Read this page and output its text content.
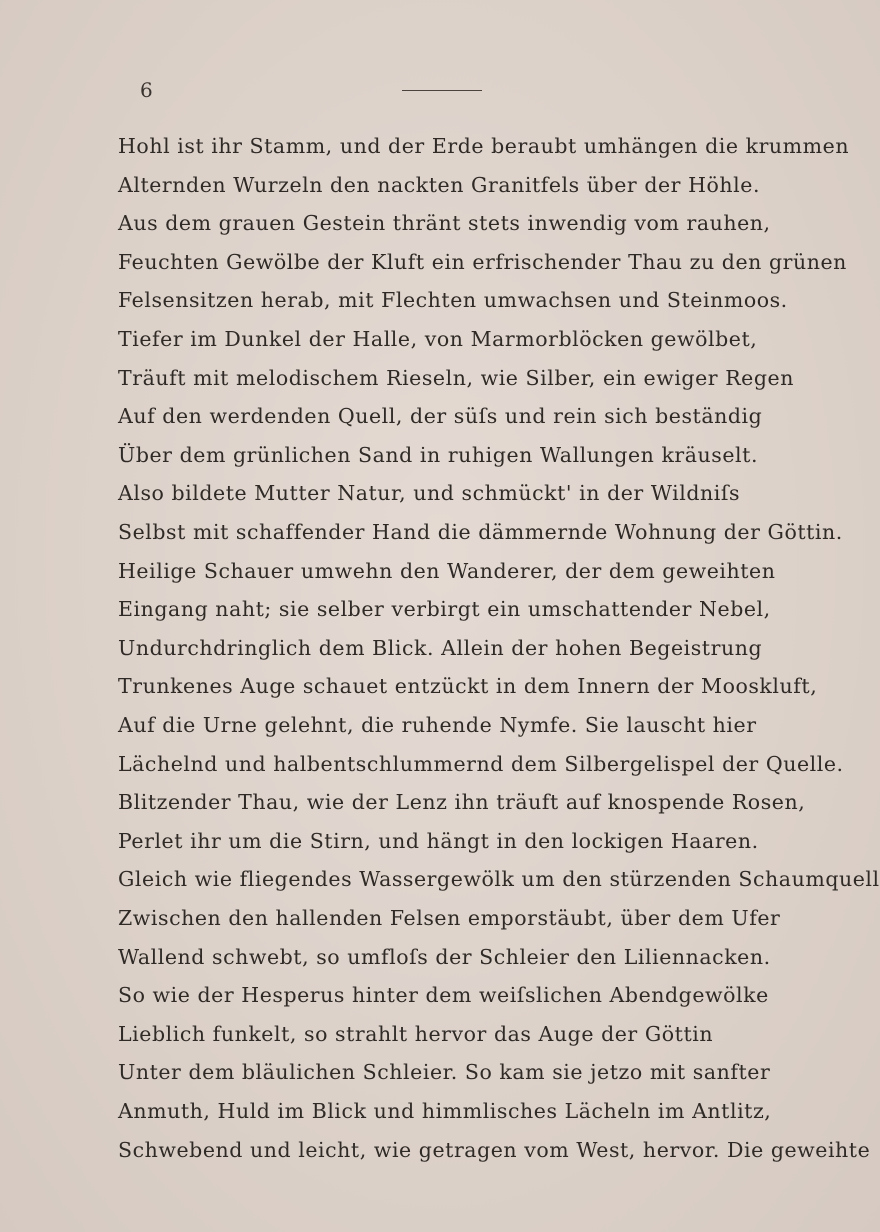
6
Hohl ist ihr Stamm, und der Erde beraubt umhängen die krummen
Alternden Wurzeln den nackten Granitfels über der Höhle.
Aus dem grauen Gestein thränt stets inwendig vom rauhen,
Feuchten Gewölbe der Kluft ein erfrischender Thau zu den grünen
Felsensitzen herab, mit Flechten umwachsen und Steinmoos.
Tiefer im Dunkel der Halle, von Marmorblöcken gewölbet,
Träuft mit melodischem Rieseln, wie Silber, ein ewiger Regen
Auf den werdenden Quell, der süſs und rein sich beständig
Über dem grünlichen Sand in ruhigen Wallungen kräuselt.
Also bildete Mutter Natur, und schmückt' in der Wildniſs
Selbst mit schaffender Hand die dämmernde Wohnung der Göttin.
Heilige Schauer umwehn den Wanderer, der dem geweihten
Eingang naht; sie selber verbirgt ein umschattender Nebel,
Undurchdringlich dem Blick. Allein der hohen Begeistrung
Trunkenes Auge schauet entzückt in dem Innern der Mooskluft,
Auf die Urne gelehnt, die ruhende Nymfe. Sie lauscht hier
Lächelnd und halbentschlummernd dem Silbergelispel der Quelle.
Blitzender Thau, wie der Lenz ihn träuft auf knospende Rosen,
Perlet ihr um die Stirn, und hängt in den lockigen Haaren.
Gleich wie fliegendes Wassergewölk um den stürzenden Schaumquell
Zwischen den hallenden Felsen emporstäubt, über dem Ufer
Wallend schwebt, so umfloſs der Schleier den Liliennacken.
So wie der Hesperus hinter dem weiſslichen Abendgewölke
Lieblich funkelt, so strahlt hervor das Auge der Göttin
Unter dem bläulichen Schleier. So kam sie jetzo mit sanfter
Anmuth, Huld im Blick und himmlisches Lächeln im Antlitz,
Schwebend und leicht, wie getragen vom West, hervor. Die geweihte
